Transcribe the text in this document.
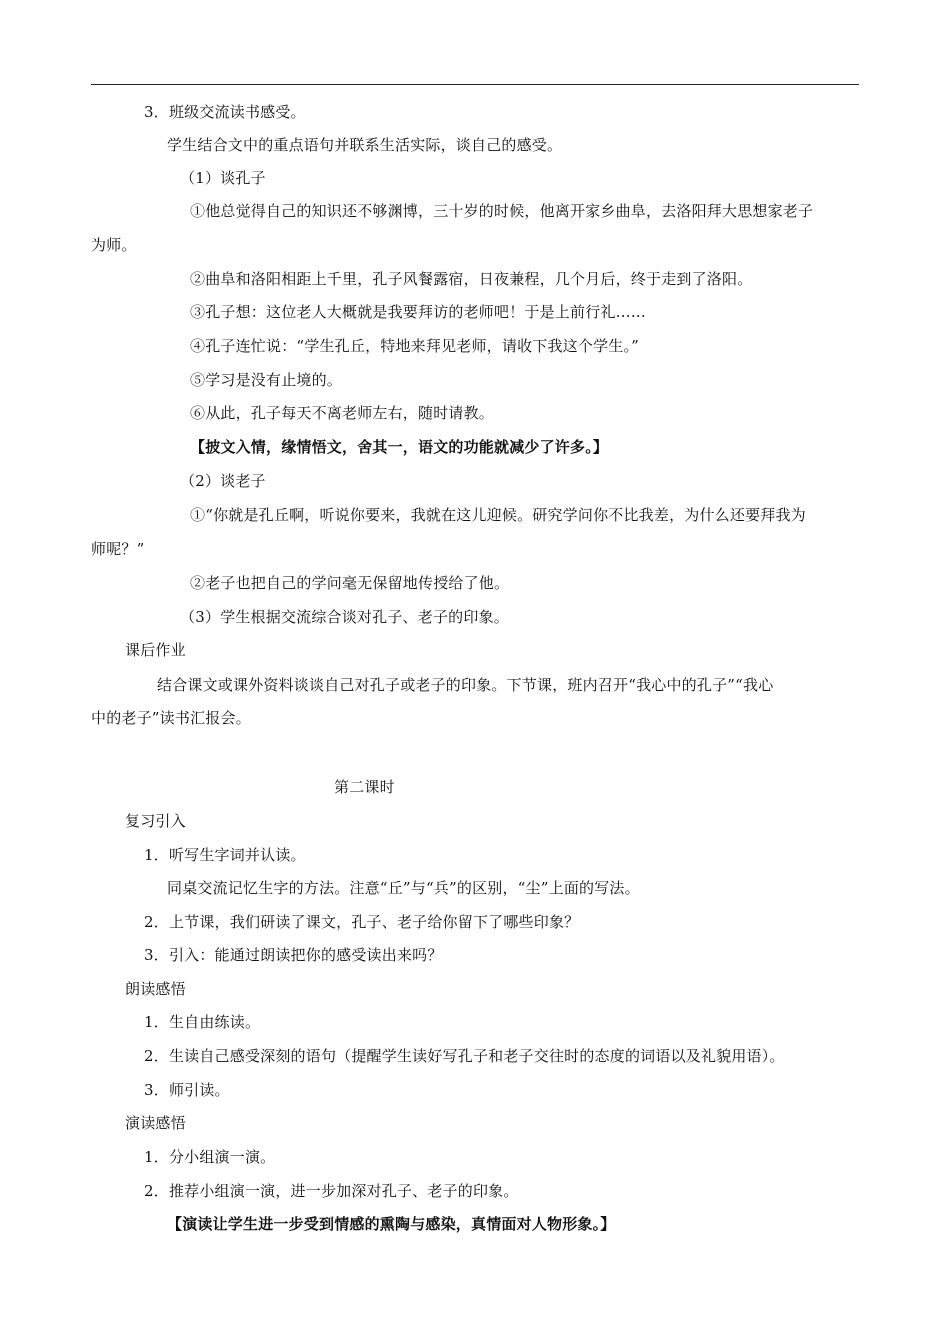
3．班级交流读书感受。
学生结合文中的重点语句并联系生活实际，谈自己的感受。
（1）谈孔子
①他总觉得自己的知识还不够渊博，三十岁的时候，他离开家乡曲阜，去洛阳拜大思想家老子
为师。
②曲阜和洛阳相距上千里，孔子风餐露宿，日夜兼程，几个月后，终于走到了洛阳。
③孔子想：这位老人大概就是我要拜访的老师吧！于是上前行礼……
④孔子连忙说：“学生孔丘，特地来拜见老师，请收下我这个学生。”
⑤学习是没有止境的。
⑥从此，孔子每天不离老师左右，随时请教。
【披文入情，缘情悟文，舍其一，语文的功能就减少了许多。】
（2）谈老子
①“你就是孔丘啊，听说你要来，我就在这儿迎候。研究学问你不比我差，为什么还要拜我为
师呢？”
②老子也把自己的学问毫无保留地传授给了他。
（3）学生根据交流综合谈对孔子、老子的印象。
课后作业
结合课文或课外资料谈谈自己对孔子或老子的印象。下节课，班内召开“我心中的孔子”“我心
中的老子”读书汇报会。
第二课时
复习引入
1．听写生字词并认读。
同桌交流记忆生字的方法。注意“丘”与“兵”的区别，“尘”上面的写法。
2．上节课，我们研读了课文，孔子、老子给你留下了哪些印象？
3．引入：能通过朗读把你的感受读出来吗？
朗读感悟
1．生自由练读。
2．生读自己感受深刻的语句（提醒学生读好写孔子和老子交往时的态度的词语以及礼貌用语）。
3．师引读。
演读感悟
1．分小组演一演。
2．推荐小组演一演，进一步加深对孔子、老子的印象。
【演读让学生进一步受到情感的熏陶与感染，真情面对人物形象。】
